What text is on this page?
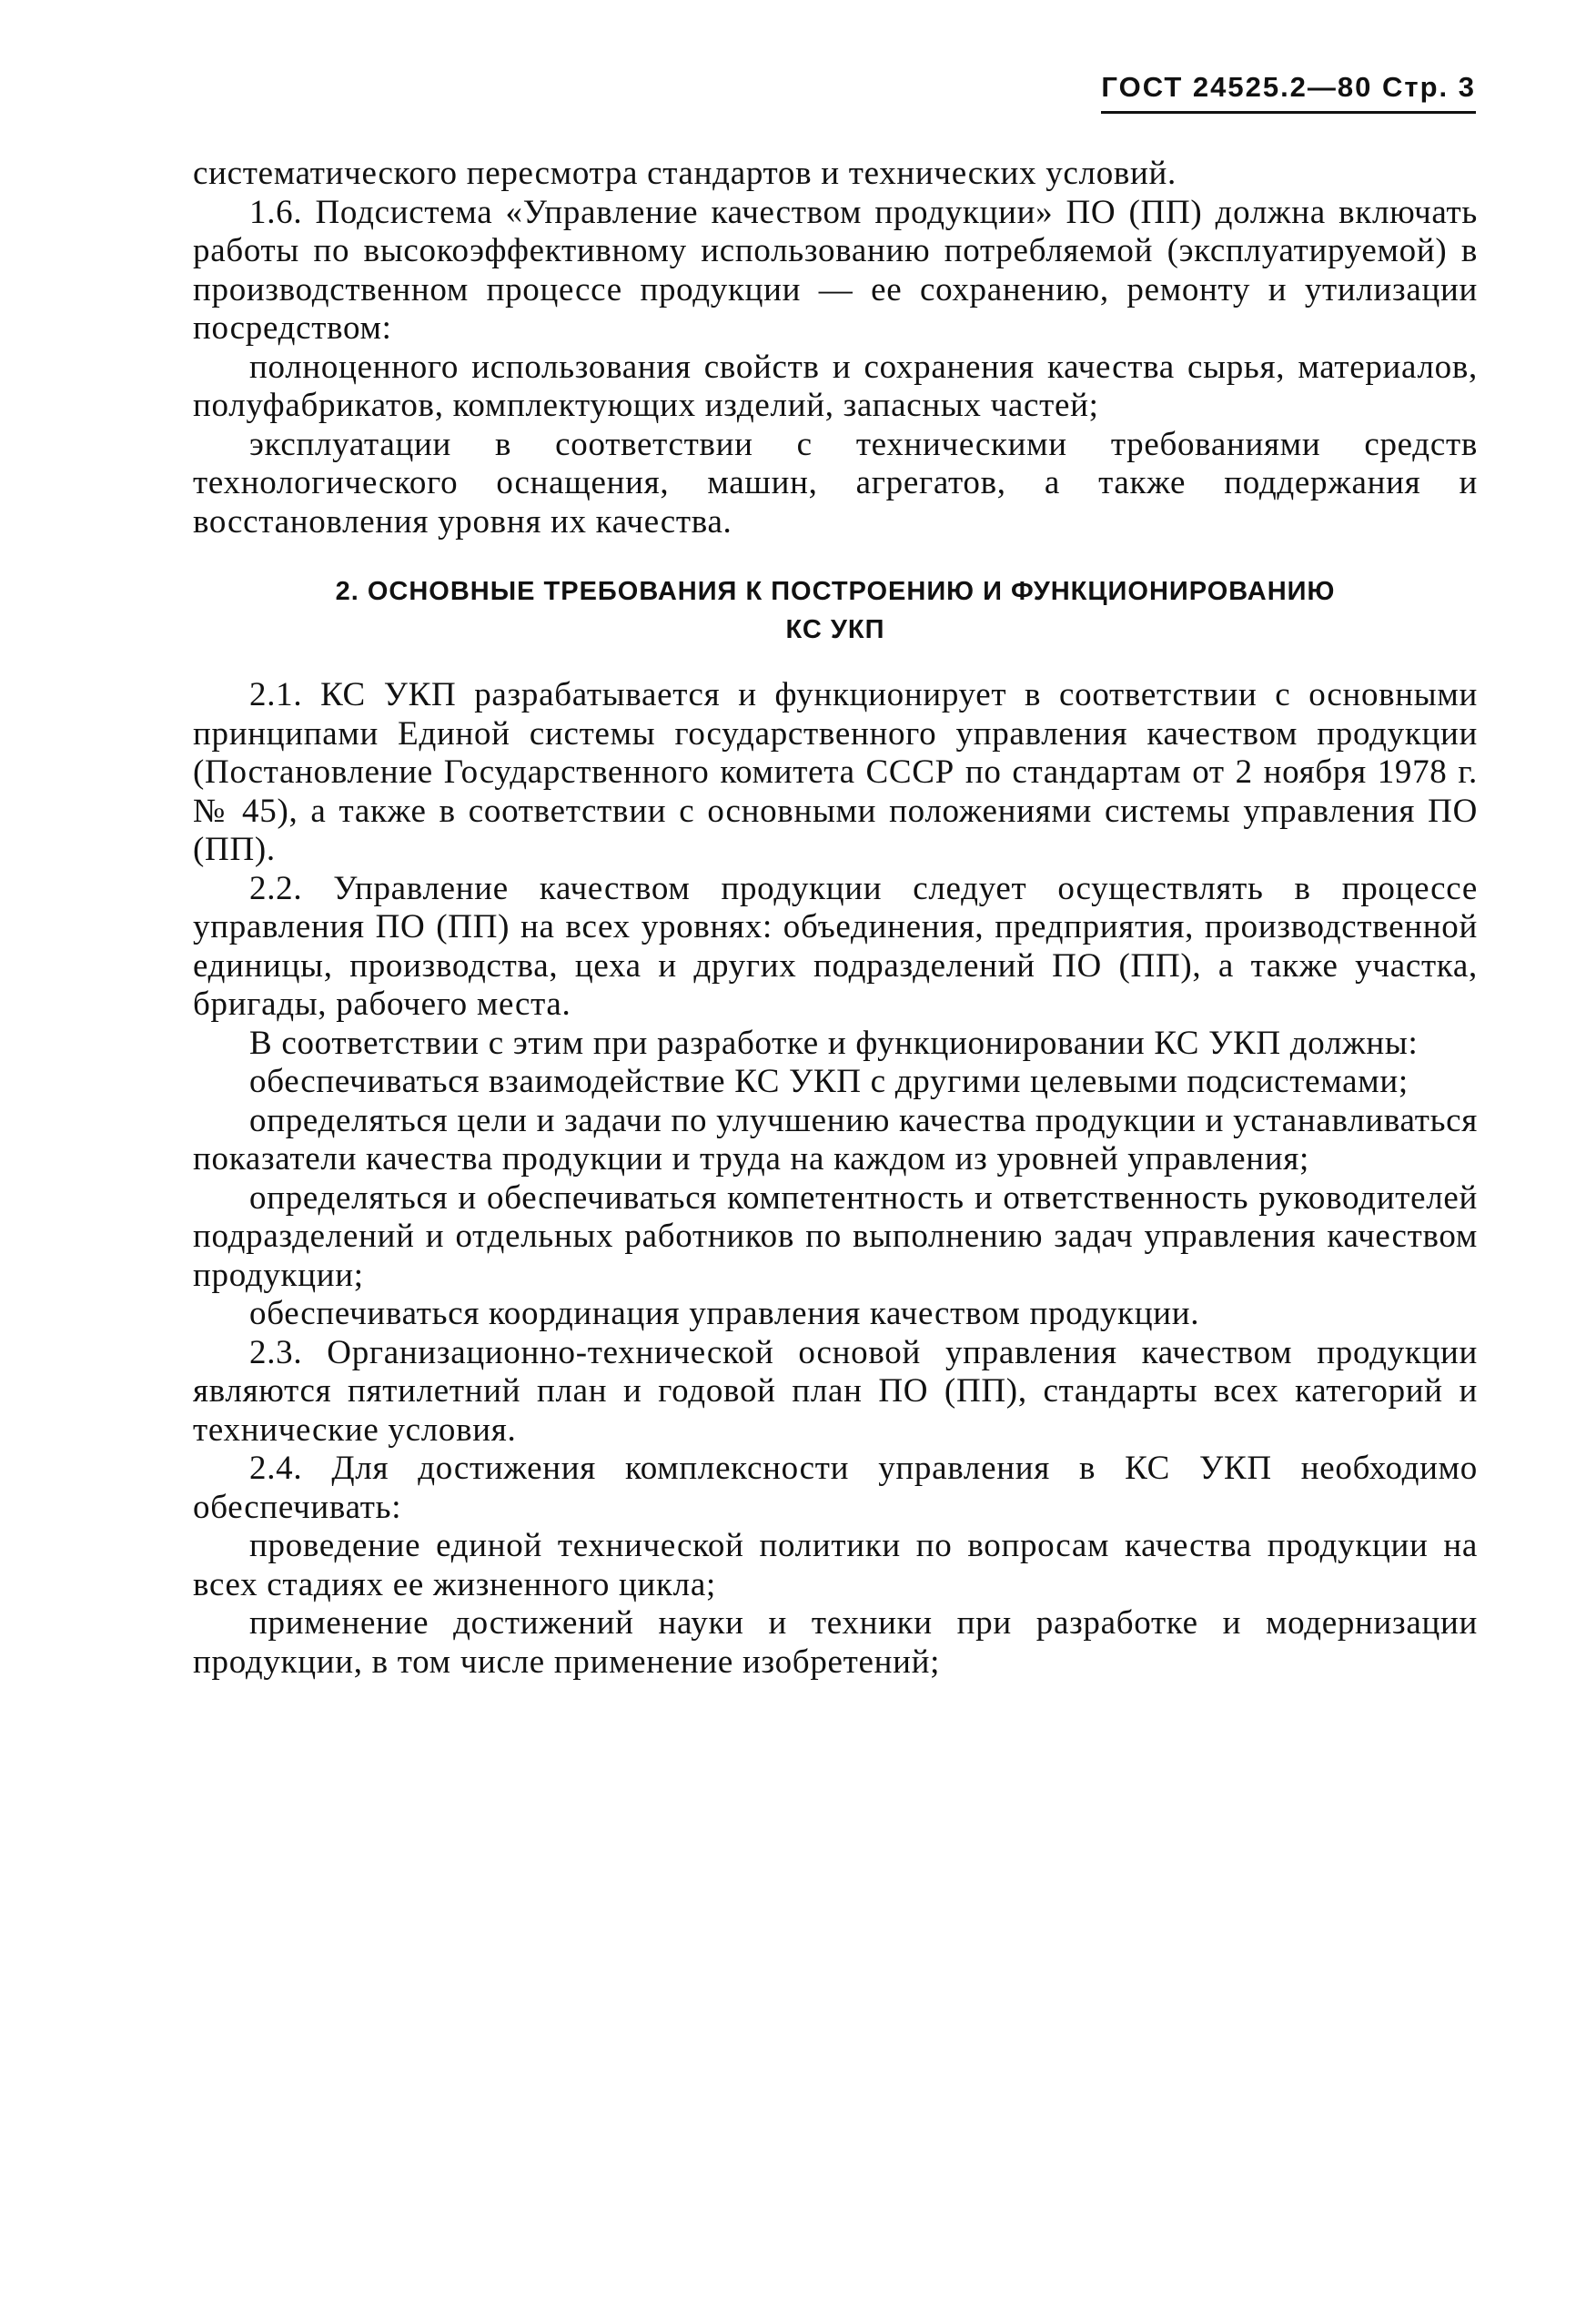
ГОСТ 24525.2—80 Стр. 3

систематического пересмотра стандартов и технических условий.

1.6. Подсистема «Управление качеством продукции» ПО (ПП) должна включать работы по высокоэффективному использованию потребляемой (эксплуатируемой) в производственном процессе продукции — ее сохранению, ремонту и утилизации посредством:

полноценного использования свойств и сохранения качества сырья, материалов, полуфабрикатов, комплектующих изделий, запасных частей;

эксплуатации в соответствии с техническими требованиями средств технологического оснащения, машин, агрегатов, а также поддержания и восстановления уровня их качества.

2. ОСНОВНЫЕ ТРЕБОВАНИЯ К ПОСТРОЕНИЮ И ФУНКЦИОНИРОВАНИЮ
КС УКП

2.1. КС УКП разрабатывается и функционирует в соответствии с основными принципами Единой системы государственного управления качеством продукции (Постановление Государственного комитета СССР по стандартам от 2 ноября 1978 г. № 45), а также в соответствии с основными положениями системы управления ПО (ПП).

2.2. Управление качеством продукции следует осуществлять в процессе управления ПО (ПП) на всех уровнях: объединения, предприятия, производственной единицы, производства, цеха и других подразделений ПО (ПП), а также участка, бригады, рабочего места.

В соответствии с этим при разработке и функционировании КС УКП должны:

обеспечиваться взаимодействие КС УКП с другими целевыми подсистемами;

определяться цели и задачи по улучшению качества продукции и устанавливаться показатели качества продукции и труда на каждом из уровней управления;

определяться и обеспечиваться компетентность и ответственность руководителей подразделений и отдельных работников по выполнению задач управления качеством продукции;

обеспечиваться координация управления качеством продукции.

2.3. Организационно-технической основой управления качеством продукции являются пятилетний план и годовой план ПО (ПП), стандарты всех категорий и технические условия.

2.4. Для достижения комплексности управления в КС УКП необходимо обеспечивать:

проведение единой технической политики по вопросам качества продукции на всех стадиях ее жизненного цикла;

применение достижений науки и техники при разработке и модернизации продукции, в том числе применение изобретений;
